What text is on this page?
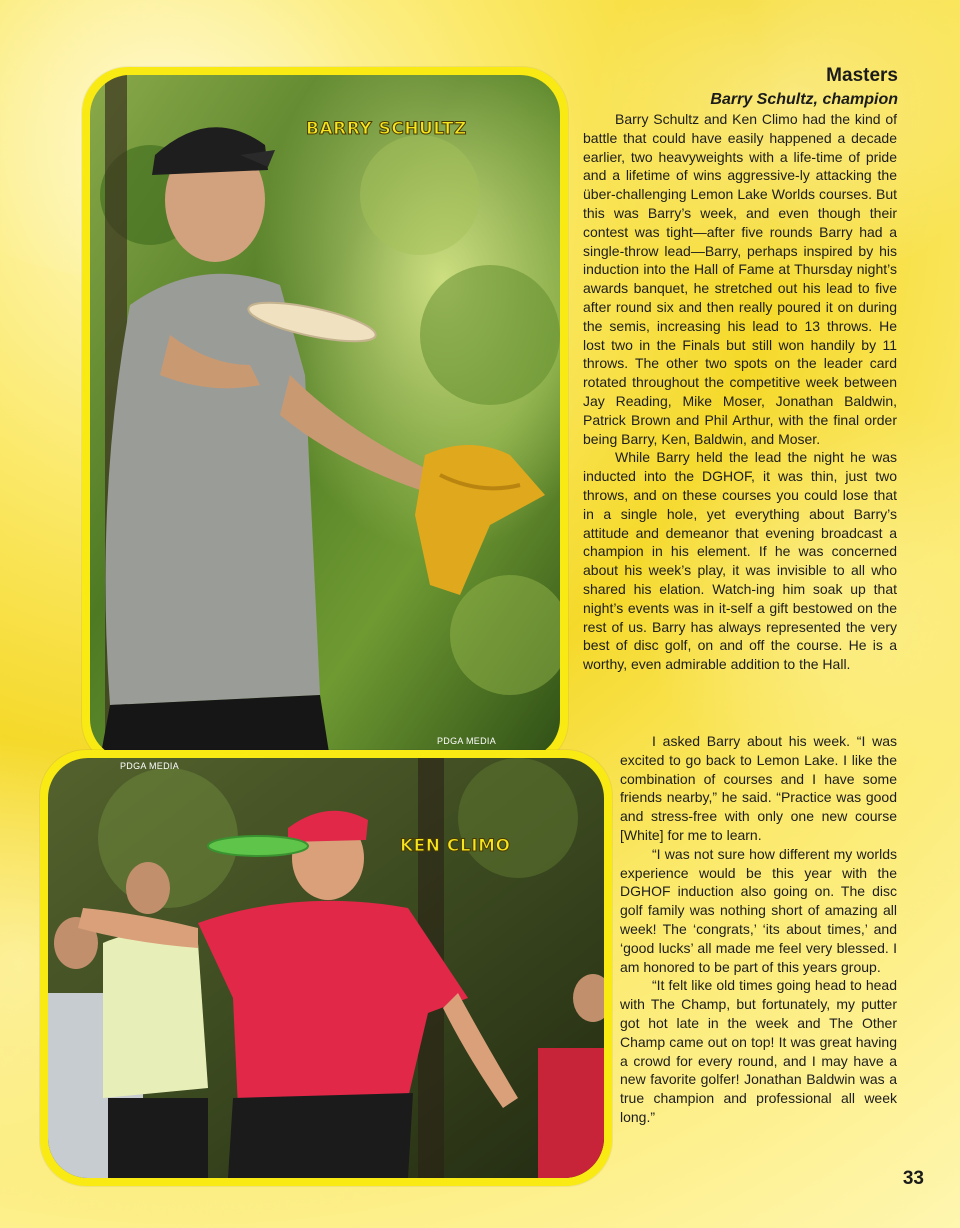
BARRY SCHULTZ
PDGA MEDIA
KEN CLIMO
PDGA MEDIA
Masters
Barry Schultz, champion

Barry Schultz and Ken Climo had the kind of battle that could have easily happened a decade earlier, two heavyweights with a life-time of pride and a lifetime of wins aggressive-ly attacking the über-challenging Lemon Lake Worlds courses. But this was Barry’s week, and even though their contest was tight—after five rounds Barry had a single-throw lead—Barry, perhaps inspired by his induction into the Hall of Fame at Thursday night’s awards banquet, he stretched out his lead to five after round six and then really poured it on during the semis, increasing his lead to 13 throws. He lost two in the Finals but still won handily by 11 throws. The other two spots on the leader card rotated throughout the competitive week between Jay Reading, Mike Moser, Jonathan Baldwin, Patrick Brown and Phil Arthur, with the final order being Barry, Ken, Baldwin, and Moser.

While Barry held the lead the night he was inducted into the DGHOF, it was thin, just two throws, and on these courses you could lose that in a single hole, yet everything about Barry’s attitude and demeanor that evening broadcast a champion in his element. If he was concerned about his week’s play, it was invisible to all who shared his elation. Watch-ing him soak up that night’s events was in it-self a gift bestowed on the rest of us. Barry has always represented the very best of disc golf, on and off the course. He is a worthy, even admirable addition to the Hall.

I asked Barry about his week. “I was excited to go back to Lemon Lake. I like the combination of courses and I have some friends nearby,” he said. “Practice was good and stress-free with only one new course [White] for me to learn.

“I was not sure how different my worlds experience would be this year with the DGHOF induction also going on. The disc golf family was nothing short of amazing all week! The ‘congrats,’ ‘its about times,’ and ‘good lucks’ all made me feel very blessed. I am honored to be part of this years group.

“It felt like old times going head to head with The Champ, but fortunately, my putter got hot late in the week and The Other Champ came out on top! It was great having a crowd for every round, and I may have a new favorite golfer! Jonathan Baldwin was a true champion and professional all week long.”

33
